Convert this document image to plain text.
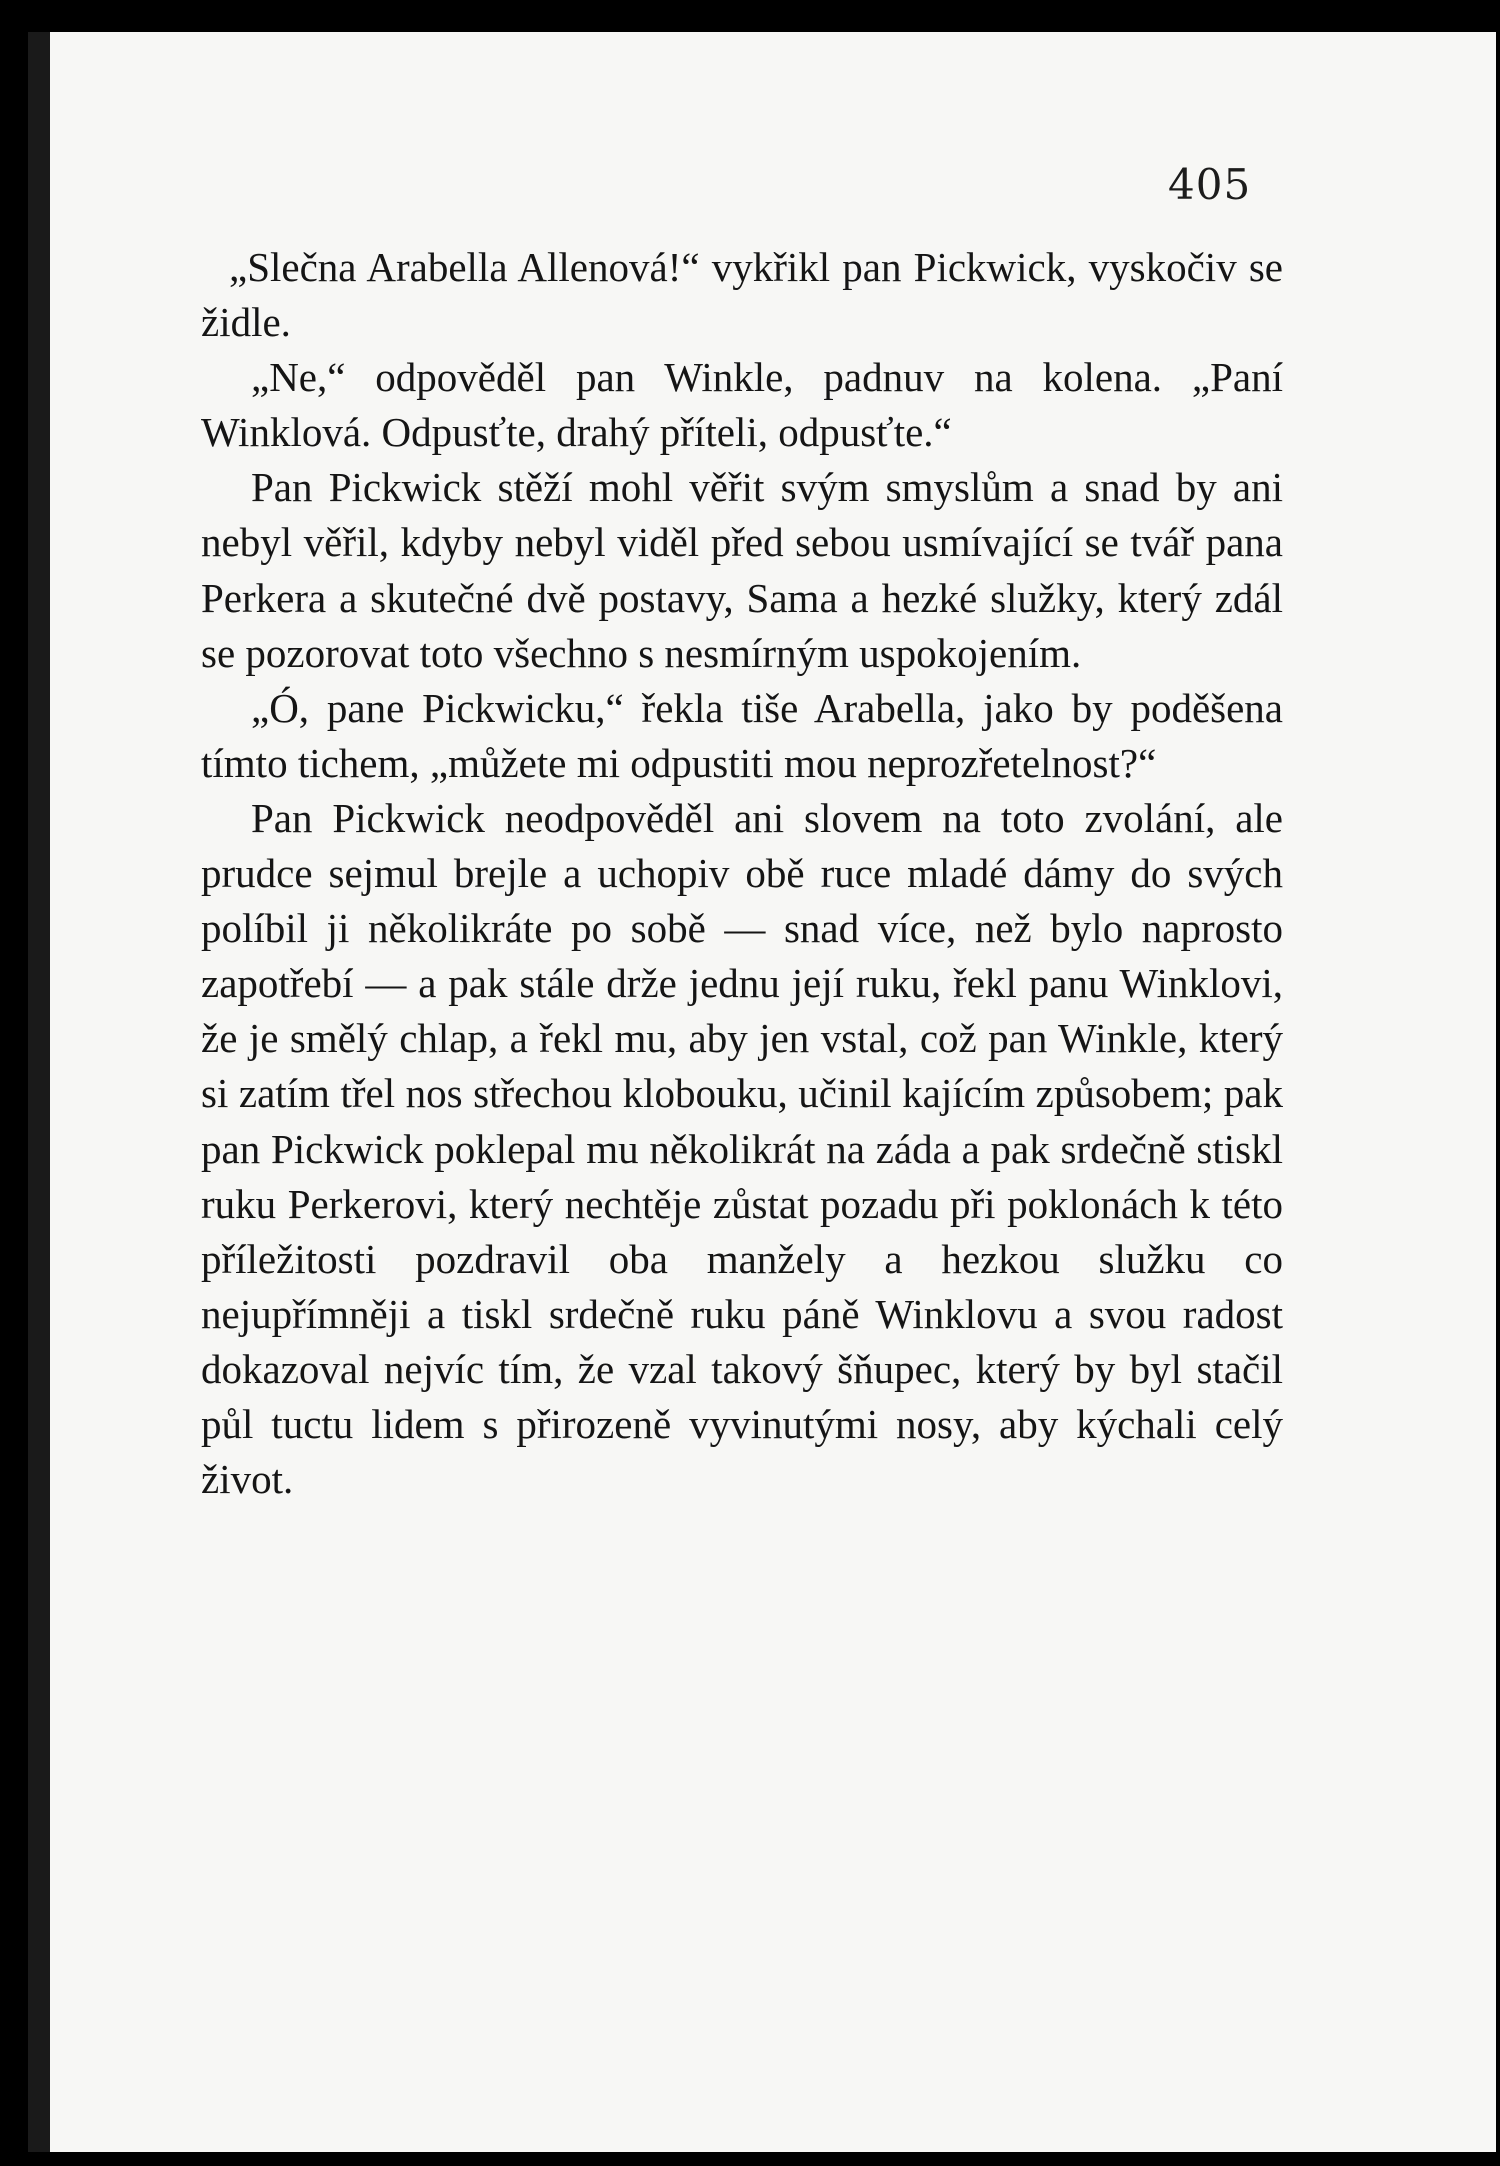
405

„Slečna Arabella Allenová!“ vykřikl pan Pickwick, vyskočiv se židle.

„Ne,“ odpověděl pan Winkle, padnuv na kolena. „Paní Winklová. Odpusťte, drahý příteli, odpusťte.“

Pan Pickwick stěží mohl věřit svým smyslům a snad by ani nebyl věřil, kdyby nebyl viděl před sebou usmívající se tvář pana Perkera a skutečné dvě postavy, Sama a hezké služky, který zdál se pozorovat toto všechno s nesmírným uspokojením.

„Ó, pane Pickwicku,“ řekla tiše Arabella, jako by poděšena tímto tichem, „můžete mi odpustiti mou neprozřetelnost?“

Pan Pickwick neodpověděl ani slovem na toto zvolání, ale prudce sejmul brejle a uchopiv obě ruce mladé dámy do svých políbil ji několikráte po sobě — snad více, než bylo naprosto zapotřebí — a pak stále drže jednu její ruku, řekl panu Winklovi, že je smělý chlap, a řekl mu, aby jen vstal, což pan Winkle, který si zatím třel nos střechou klobouku, učinil kajícím způsobem; pak pan Pickwick poklepal mu několikrát na záda a pak srdečně stiskl ruku Perkerovi, který nechtěje zůstat pozadu při poklonách k této příležitosti pozdravil oba manžely a hezkou služku co nejupřímněji a tiskl srdečně ruku páně Winklovu a svou radost dokazoval nejvíc tím, že vzal takový šňupec, který by byl stačil půl tuctu lidem s přirozeně vyvinutými nosy, aby kýchali celý život.
